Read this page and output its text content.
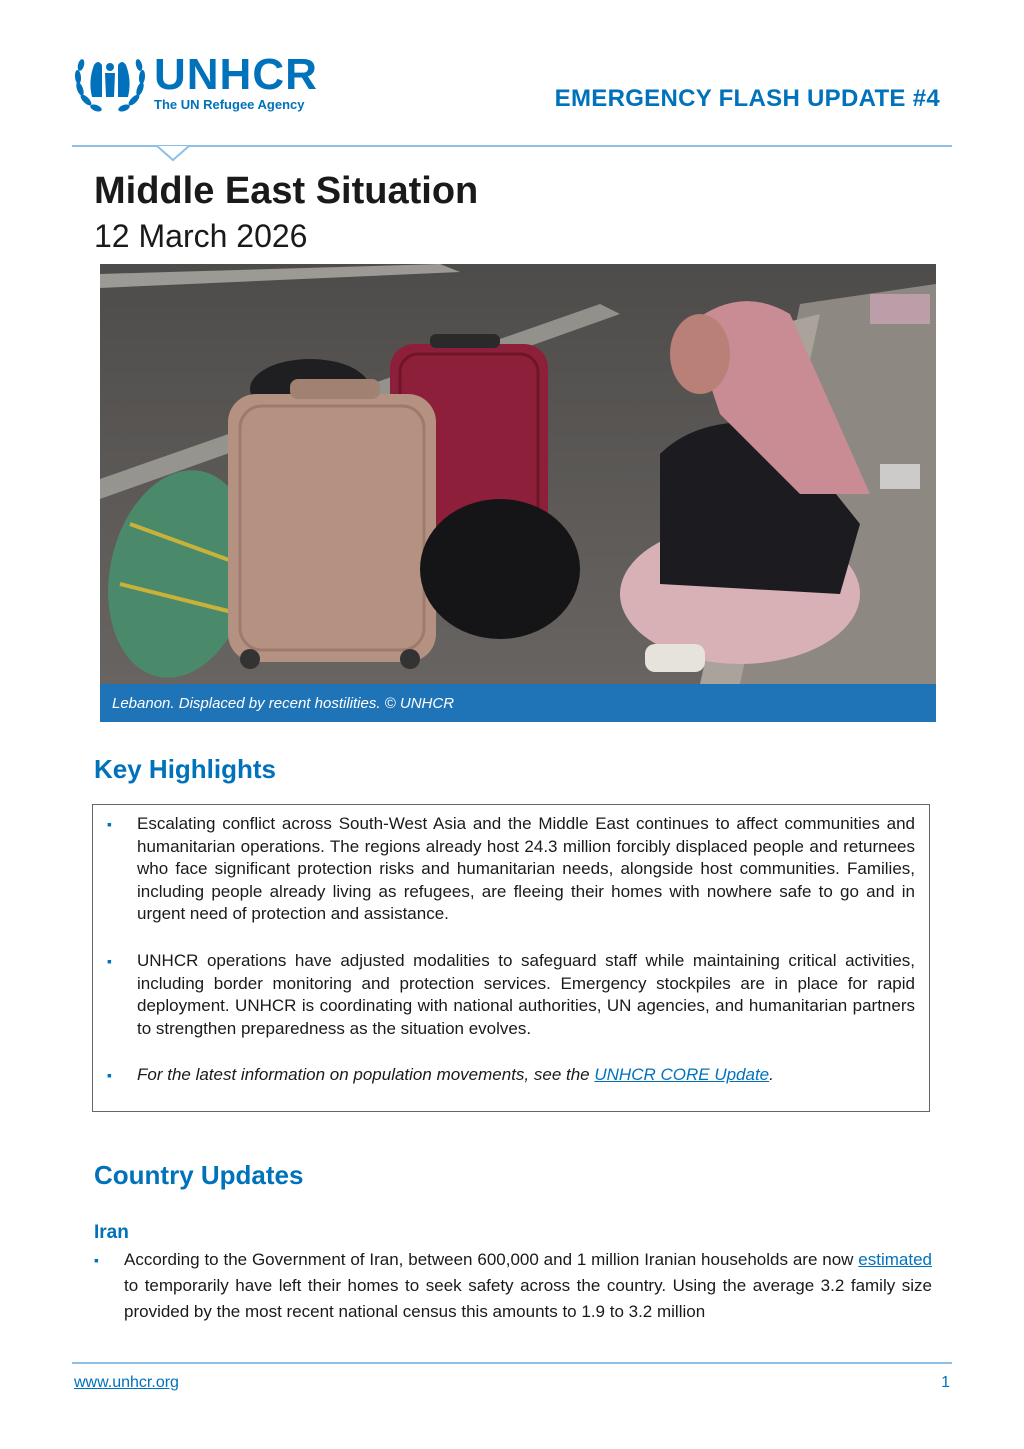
UNHCR
The UN Refugee Agency	EMERGENCY FLASH UPDATE #4
Middle East Situation
12 March 2026
Lebanon. Displaced by recent hostilities. © UNHCR
Key Highlights

▪ Escalating conflict across South-West Asia and the Middle East continues to affect communities and humanitarian operations. The regions already host 24.3 million forcibly displaced people and returnees who face significant protection risks and humanitarian needs, alongside host communities. Families, including people already living as refugees, are fleeing their homes with nowhere safe to go and in urgent need of protection and assistance.

▪ UNHCR operations have adjusted modalities to safeguard staff while maintaining critical activities, including border monitoring and protection services. Emergency stockpiles are in place for rapid deployment. UNHCR is coordinating with national authorities, UN agencies, and humanitarian partners to strengthen preparedness as the situation evolves.

▪ For the latest information on population movements, see the UNHCR CORE Update.

Country Updates
Iran

▪ According to the Government of Iran, between 600,000 and 1 million Iranian households are now estimated to temporarily have left their homes to seek safety across the country. Using the average 3.2 family size provided by the most recent national census this amounts to 1.9 to 3.2 million

www.unhcr.org	1
